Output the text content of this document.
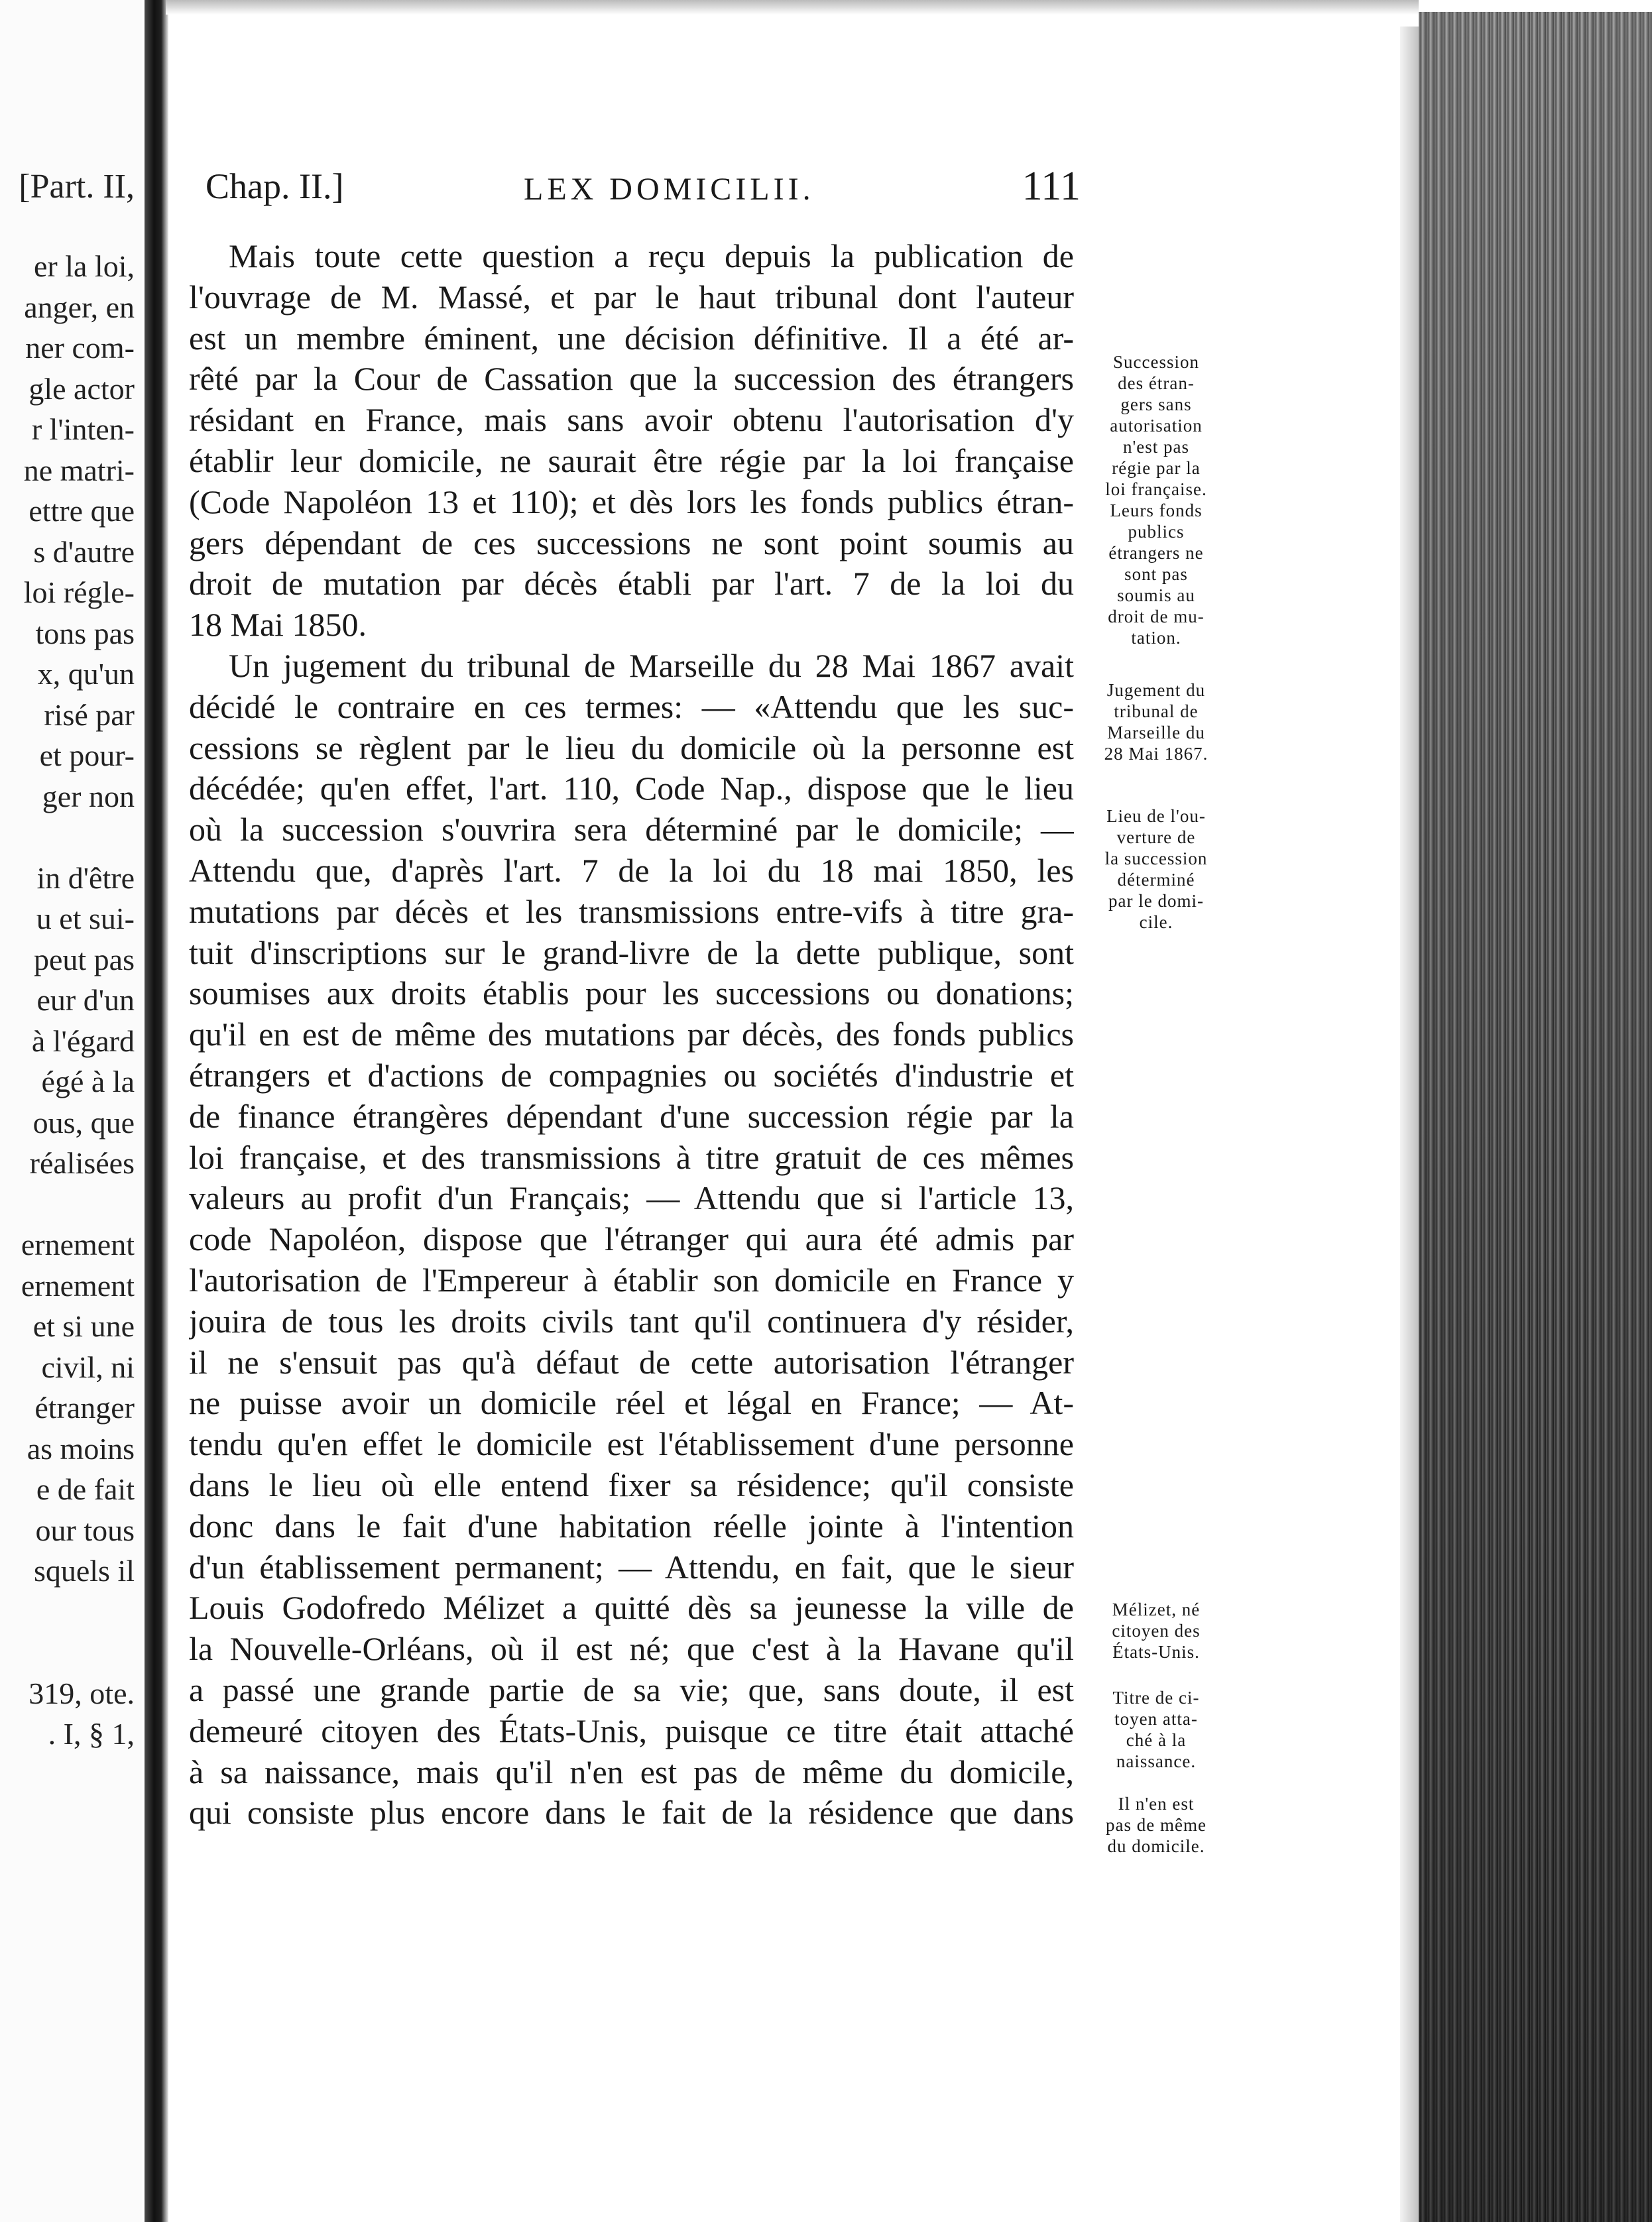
[Part. II,
er la loi,
anger, en
ner com-
gle actor
r l'inten-
ne matri-
ettre que
s d'autre
loi régle-
tons pas
x, qu'un
risé par
et pour-
ger non
in d'être
u et sui-
peut pas
eur d'un
à l'égard
égé à la
ous, que
réalisées
ernement
ernement
et si une
civil, ni
étranger
as moins
e de fait
our tous
squels il
319, ote.
. I, § 1,
Chap. II.]	LEX DOMICILII.	111
Mais toute cette question a reçu depuis la publication de
l'ouvrage de M. Massé, et par le haut tribunal dont l'auteur
est un membre éminent, une décision définitive. Il a été ar-
rêté par la Cour de Cassation que la succession des étrangers
résidant en France, mais sans avoir obtenu l'autorisation d'y
établir leur domicile, ne saurait être régie par la loi française
(Code Napoléon 13 et 110); et dès lors les fonds publics étran-
gers dépendant de ces successions ne sont point soumis au
droit de mutation par décès établi par l'art. 7 de la loi du
18 Mai 1850.
Un jugement du tribunal de Marseille du 28 Mai 1867 avait
décidé le contraire en ces termes: — «Attendu que les suc-
cessions se règlent par le lieu du domicile où la personne est
décédée; qu'en effet, l'art. 110, Code Nap., dispose que le lieu
où la succession s'ouvrira sera déterminé par le domicile; —
Attendu que, d'après l'art. 7 de la loi du 18 mai 1850, les
mutations par décès et les transmissions entre-vifs à titre gra-
tuit d'inscriptions sur le grand-livre de la dette publique, sont
soumises aux droits établis pour les successions ou donations;
qu'il en est de même des mutations par décès, des fonds publics
étrangers et d'actions de compagnies ou sociétés d'industrie et
de finance étrangères dépendant d'une succession régie par la
loi française, et des transmissions à titre gratuit de ces mêmes
valeurs au profit d'un Français; — Attendu que si l'article 13,
code Napoléon, dispose que l'étranger qui aura été admis par
l'autorisation de l'Empereur à établir son domicile en France y
jouira de tous les droits civils tant qu'il continuera d'y résider,
il ne s'ensuit pas qu'à défaut de cette autorisation l'étranger
ne puisse avoir un domicile réel et légal en France; — At-
tendu qu'en effet le domicile est l'établissement d'une personne
dans le lieu où elle entend fixer sa résidence; qu'il consiste
donc dans le fait d'une habitation réelle jointe à l'intention
d'un établissement permanent; — Attendu, en fait, que le sieur
Louis Godofredo Mélizet a quitté dès sa jeunesse la ville de
la Nouvelle-Orléans, où il est né; que c'est à la Havane qu'il
a passé une grande partie de sa vie; que, sans doute, il est
demeuré citoyen des États-Unis, puisque ce titre était attaché
à sa naissance, mais qu'il n'en est pas de même du domicile,
qui consiste plus encore dans le fait de la résidence que dans
Succession
des étran-
gers sans
autorisation
n'est pas
régie par la
loi française.
Leurs fonds
publics
étrangers ne
sont pas
soumis au
droit de mu-
tation.
Jugement du
tribunal de
Marseille du
28 Mai 1867.
Lieu de l'ou-
verture de
la succession
déterminé
par le domi-
cile.
Mélizet, né
citoyen des
États-Unis.
Titre de ci-
toyen atta-
ché à la
naissance.
Il n'en est
pas de même
du domicile.
